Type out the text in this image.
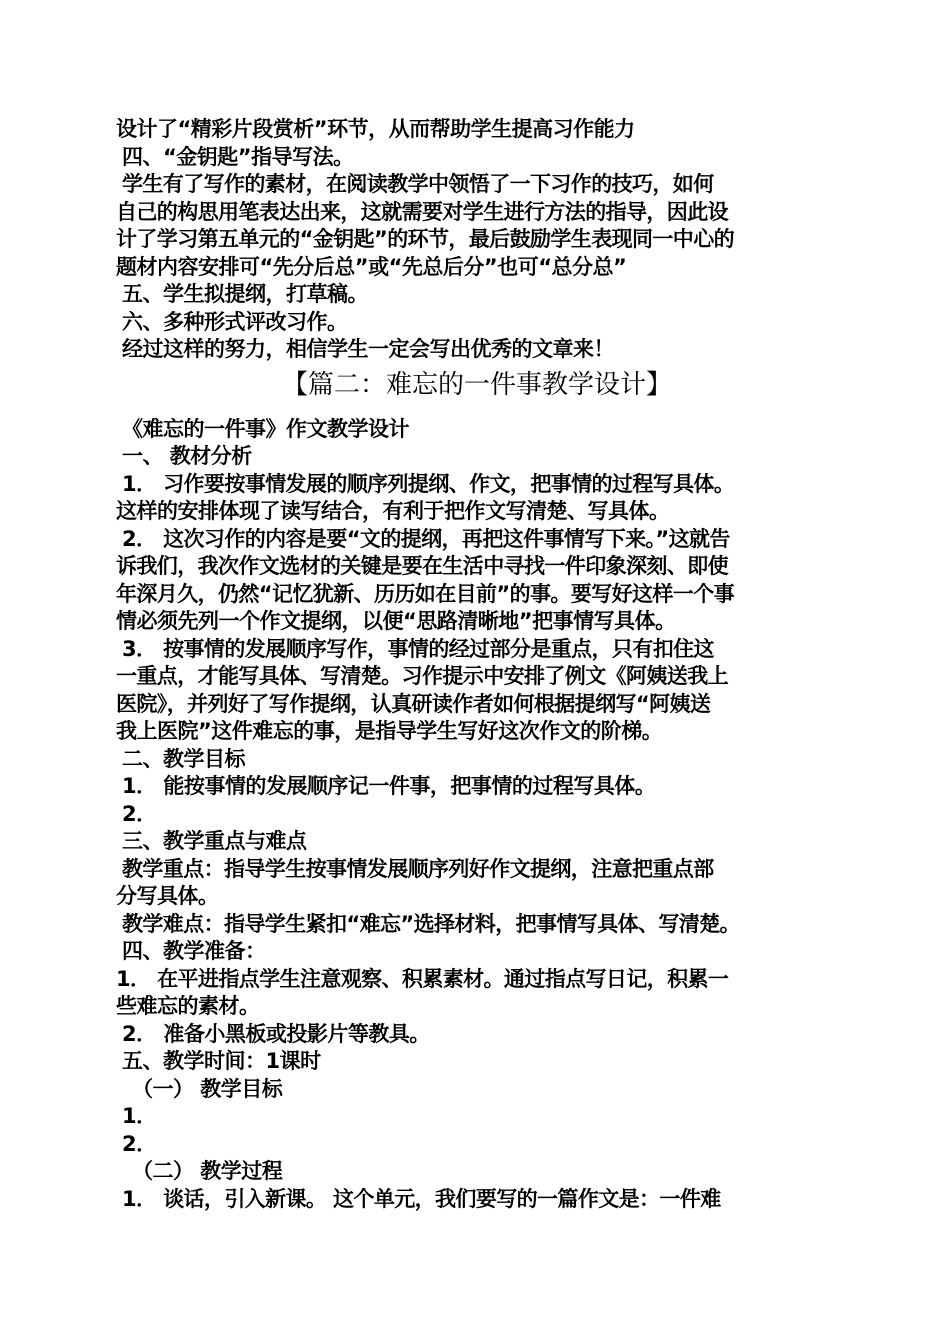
设计了“精彩片段赏析”环节，从而帮助学生提高习作能力
四、“金钥匙”指导写法。
学生有了写作的素材，在阅读教学中领悟了一下习作的技巧，如何
自己的构思用笔表达出来，这就需要对学生进行方法的指导，因此设
计了学习第五单元的“金钥匙”的环节，最后鼓励学生表现同一中心的
题材内容安排可“先分后总”或“先总后分”也可“总分总”
五、学生拟提纲，打草稿。
六、多种形式评改习作。
经过这样的努力，相信学生一定会写出优秀的文章来！
【篇二：难忘的一件事教学设计】
《难忘的一件事》作文教学设计
一、 教材分析
1． 习作要按事情发展的顺序列提纲、作文，把事情的过程写具体。
这样的安排体现了读写结合，有利于把作文写清楚、写具体。
2． 这次习作的内容是要“文的提纲，再把这件事情写下来。”这就告
诉我们，我次作文选材的关键是要在生活中寻找一件印象深刻、即使
年深月久，仍然“记忆犹新、历历如在目前”的事。要写好这样一个事
情必须先列一个作文提纲，以便“思路清晰地”把事情写具体。
3． 按事情的发展顺序写作，事情的经过部分是重点，只有扣住这
一重点，才能写具体、写清楚。习作提示中安排了例文《阿姨送我上
医院》，并列好了写作提纲，认真研读作者如何根据提纲写“阿姨送
我上医院”这件难忘的事，是指导学生写好这次作文的阶梯。
二、教学目标
1． 能按事情的发展顺序记一件事，把事情的过程写具体。
2．
三、教学重点与难点
教学重点：指导学生按事情发展顺序列好作文提纲，注意把重点部
分写具体。
教学难点：指导学生紧扣“难忘”选择材料，把事情写具体、写清楚。
四、教学准备：
1． 在平进指点学生注意观察、积累素材。通过指点写日记，积累一
些难忘的素材。
2． 准备小黑板或投影片等教具。
五、教学时间：1课时
（一） 教学目标
1．
2．
（二） 教学过程
1． 谈话，引入新课。 这个单元，我们要写的一篇作文是：一件难
